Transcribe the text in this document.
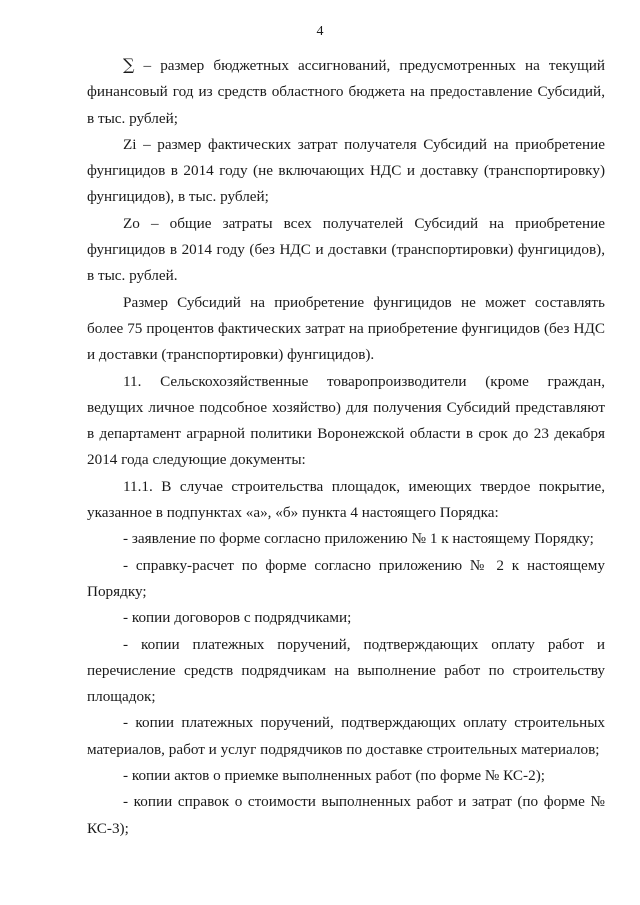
4

∑ – размер бюджетных ассигнований, предусмотренных на текущий финансовый год из средств областного бюджета на предоставление Субсидий, в тыс. рублей;

Zi – размер фактических затрат получателя Субсидий на приобретение фунгицидов в 2014 году (не включающих НДС и доставку (транспортировку) фунгицидов), в тыс. рублей;

Zo – общие затраты всех получателей Субсидий на приобретение фунгицидов в 2014 году (без НДС и доставки (транспортировки) фунгицидов), в тыс. рублей.

Размер Субсидий на приобретение фунгицидов не может составлять более 75 процентов фактических затрат на приобретение фунгицидов (без НДС и доставки (транспортировки) фунгицидов).

11. Сельскохозяйственные товаропроизводители (кроме граждан, ведущих личное подсобное хозяйство) для получения Субсидий представляют в департамент аграрной политики Воронежской области в срок до 23 декабря 2014 года следующие документы:

11.1. В случае строительства площадок, имеющих твердое покрытие, указанное в подпунктах «а», «б» пункта 4 настоящего Порядка:

- заявление по форме согласно приложению № 1 к настоящему Порядку;

- справку-расчет по форме согласно приложению № 2 к настоящему Порядку;

- копии договоров с подрядчиками;

- копии платежных поручений, подтверждающих оплату работ и перечисление средств подрядчикам на выполнение работ по строительству площадок;

- копии платежных поручений, подтверждающих оплату строительных материалов, работ и услуг подрядчиков по доставке строительных материалов;

- копии актов о приемке выполненных работ (по форме № КС-2);

- копии справок о стоимости выполненных работ и затрат (по форме № КС-3);
